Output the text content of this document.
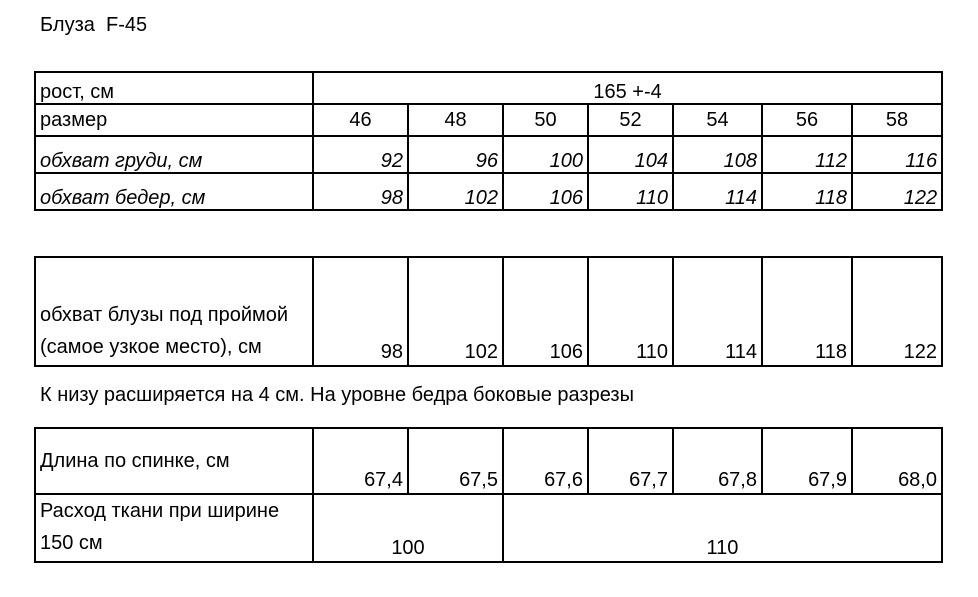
Блуза  F-45
рост, см	165 +-4						
размер	46	48	50	52	54	56	58
обхват груди, см	92	96	100	104	108	112	116
обхват бедер, см	98	102	106	110	114	118	122
обхват блузы под проймой (самое узкое место), см	98	102	106	110	114	118	122
К низу расширяется на 4 см. На уровне бедра боковые разрезы
Длина по спинке, см	67,4	67,5	67,6	67,7	67,8	67,9	68,0
Расход ткани при ширине 150 см	100		110				
